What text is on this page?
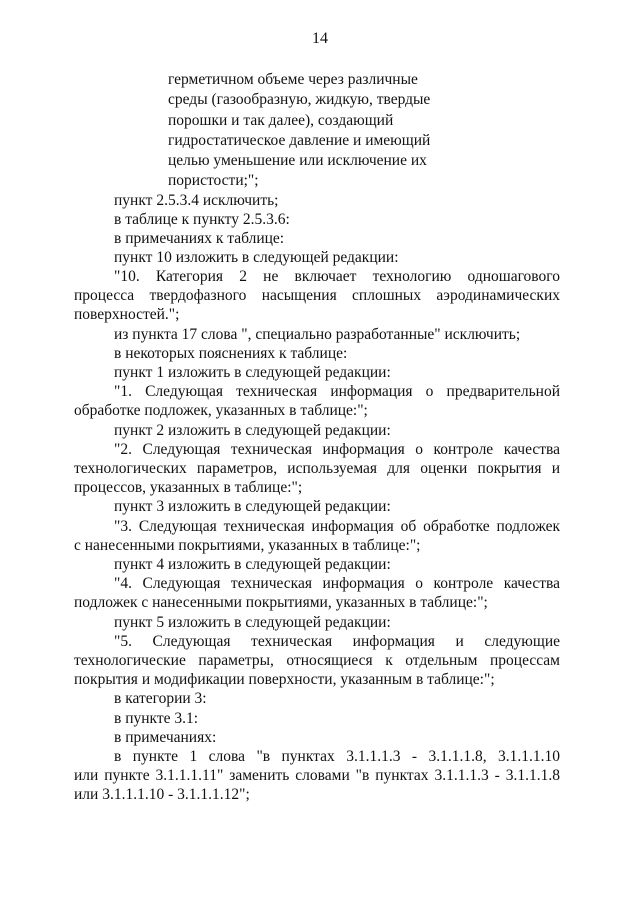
14
герметичном объеме через различные
среды (газообразную, жидкую, твердые
порошки и так далее), создающий
гидростатическое давление и имеющий
целью уменьшение или исключение их
пористости;";
пункт 2.5.3.4 исключить;
в таблице к пункту 2.5.3.6:
в примечаниях к таблице:
пункт 10 изложить в следующей редакции:
"10. Категория 2 не включает технологию одношагового
процесса твердофазного насыщения сплошных аэродинамических
поверхностей.";
из пункта 17 слова ", специально разработанные" исключить;
в некоторых пояснениях к таблице:
пункт 1 изложить в следующей редакции:
"1. Следующая техническая информация о предварительной
обработке подложек, указанных в таблице:";
пункт 2 изложить в следующей редакции:
"2. Следующая техническая информация о контроле качества
технологических параметров, используемая для оценки покрытия и
процессов, указанных в таблице:";
пункт 3 изложить в следующей редакции:
"3. Следующая техническая информация об обработке подложек
с нанесенными покрытиями, указанных в таблице:";
пункт 4 изложить в следующей редакции:
"4. Следующая техническая информация о контроле качества
подложек с нанесенными покрытиями, указанных в таблице:";
пункт 5 изложить в следующей редакции:
"5. Следующая техническая информация и следующие
технологические параметры, относящиеся к отдельным процессам
покрытия и модификации поверхности, указанным в таблице:";
в категории 3:
в пункте 3.1:
в примечаниях:
в пункте 1 слова "в пунктах 3.1.1.1.3 - 3.1.1.1.8, 3.1.1.1.10
или пункте 3.1.1.1.11" заменить словами "в пунктах 3.1.1.1.3 - 3.1.1.1.8
или 3.1.1.1.10 - 3.1.1.1.12";
